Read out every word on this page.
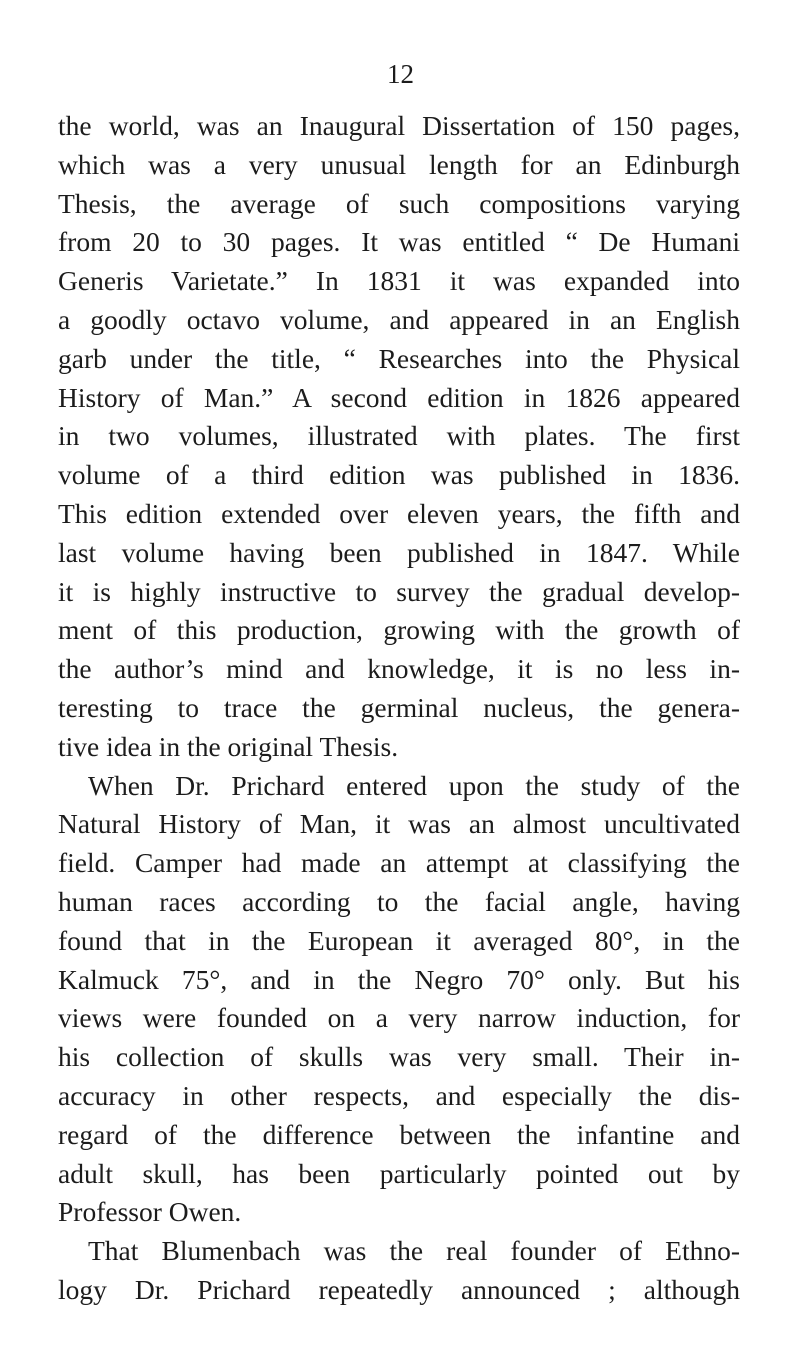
12
the world, was an Inaugural Dissertation of 150 pages,
which was a very unusual length for an Edinburgh
Thesis, the average of such compositions varying
from 20 to 30 pages. It was entitled “ De Humani
Generis Varietate.” In 1831 it was expanded into
a goodly octavo volume, and appeared in an English
garb under the title, “ Researches into the Physical
History of Man.” A second edition in 1826 appeared
in two volumes, illustrated with plates. The first
volume of a third edition was published in 1836.
This edition extended over eleven years, the fifth and
last volume having been published in 1847. While
it is highly instructive to survey the gradual develop-
ment of this production, growing with the growth of
the author’s mind and knowledge, it is no less in-
teresting to trace the germinal nucleus, the genera-
tive idea in the original Thesis.
When Dr. Prichard entered upon the study of the
Natural History of Man, it was an almost uncultivated
field. Camper had made an attempt at classifying the
human races according to the facial angle, having
found that in the European it averaged 80°, in the
Kalmuck 75°, and in the Negro 70° only. But his
views were founded on a very narrow induction, for
his collection of skulls was very small. Their in-
accuracy in other respects, and especially the dis-
regard of the difference between the infantine and
adult skull, has been particularly pointed out by
Professor Owen.
That Blumenbach was the real founder of Ethno-
logy Dr. Prichard repeatedly announced ; although
